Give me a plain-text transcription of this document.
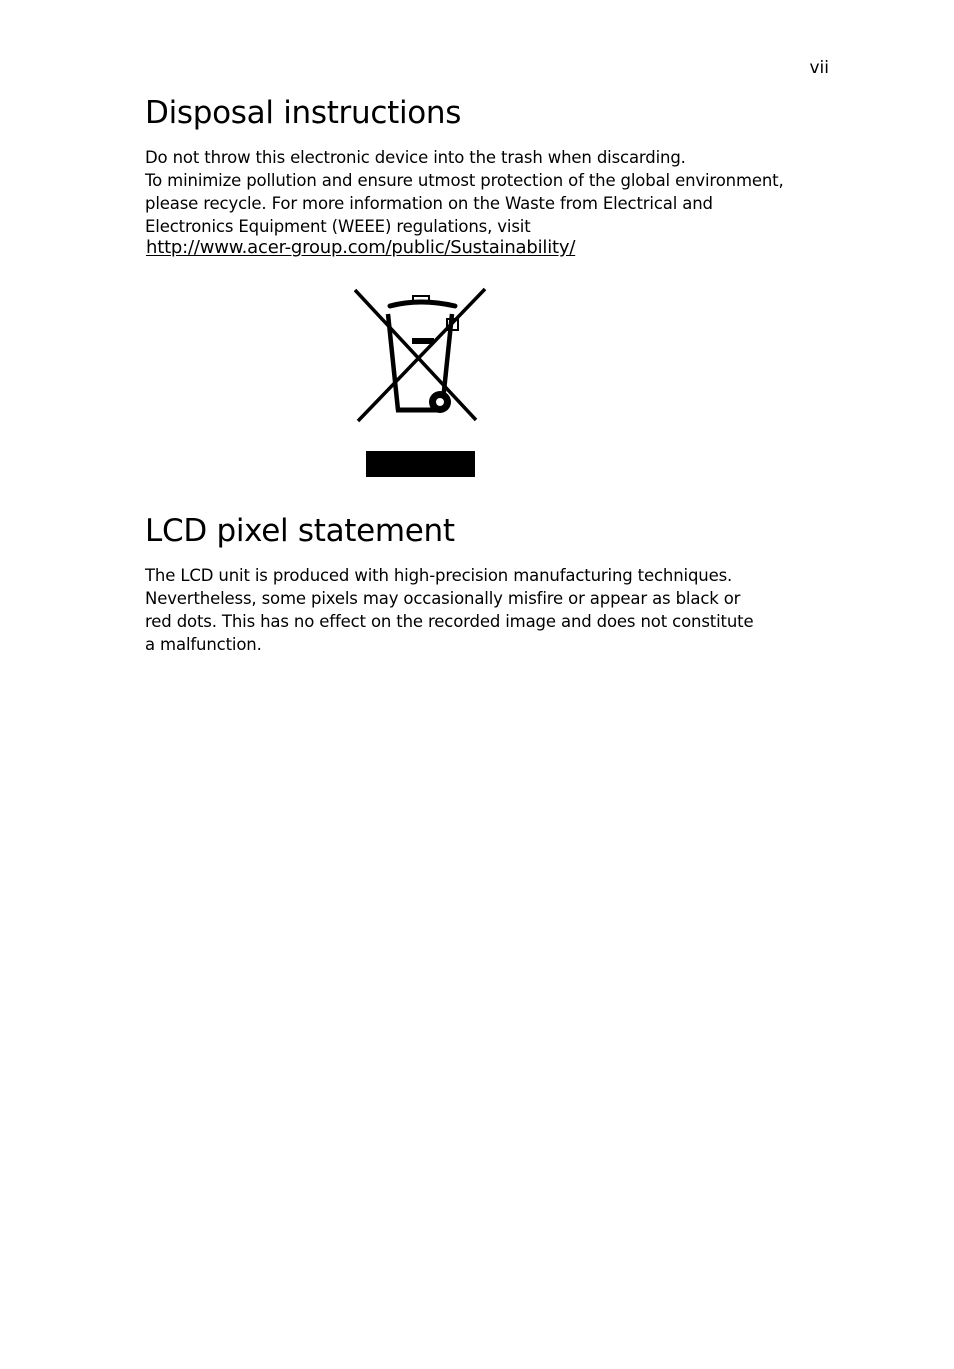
vii
Disposal instructions

Do not throw this electronic device into the trash when discarding.

To minimize pollution and ensure utmost protection of the global environment,
please recycle. For more information on the Waste from Electrical and
Electronics Equipment (WEEE) regulations, visit

http://www.acer-group.com/public/Sustainability/
LCD pixel statement

The LCD unit is produced with high-precision manufacturing techniques.
Nevertheless, some pixels may occasionally misfire or appear as black or
red dots. This has no effect on the recorded image and does not constitute
a malfunction.
